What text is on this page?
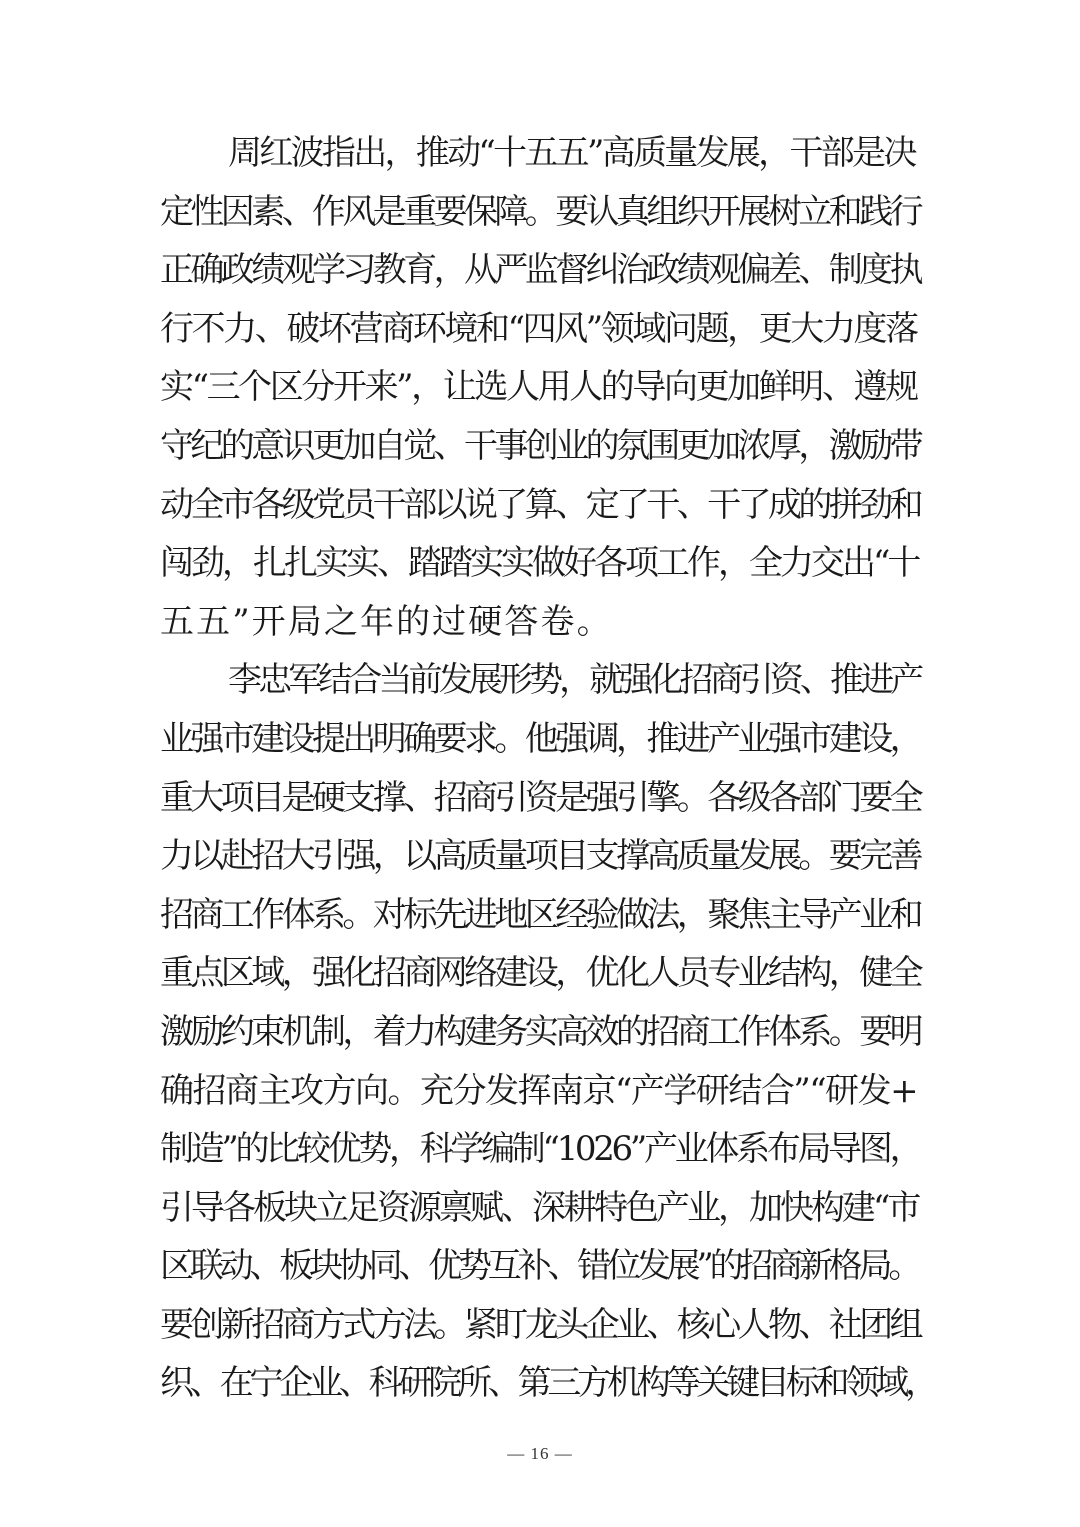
周红波指出，推动“十五五”高质量发展，干部是决
定性因素、作风是重要保障。要认真组织开展树立和践行
正确政绩观学习教育，从严监督纠治政绩观偏差、制度执
行不力、破坏营商环境和“四风”领域问题，更大力度落
实“三个区分开来”，让选人用人的导向更加鲜明、遵规
守纪的意识更加自觉、干事创业的氛围更加浓厚，激励带
动全市各级党员干部以说了算、定了干、干了成的拼劲和
闯劲，扎扎实实、踏踏实实做好各项工作，全力交出“十
五五”开局之年的过硬答卷。
李忠军结合当前发展形势，就强化招商引资、推进产
业强市建设提出明确要求。他强调，推进产业强市建设，
重大项目是硬支撑、招商引资是强引擎。各级各部门要全
力以赴招大引强，以高质量项目支撑高质量发展。要完善
招商工作体系。对标先进地区经验做法，聚焦主导产业和
重点区域，强化招商网络建设，优化人员专业结构，健全
激励约束机制，着力构建务实高效的招商工作体系。要明
确招商主攻方向。充分发挥南京“产学研结合”“研发+
制造”的比较优势，科学编制“1026”产业体系布局导图，
引导各板块立足资源禀赋、深耕特色产业，加快构建“市
区联动、板块协同、优势互补、错位发展”的招商新格局。
要创新招商方式方法。紧盯龙头企业、核心人物、社团组
织、在宁企业、科研院所、第三方机构等关键目标和领域，
— 16 —
